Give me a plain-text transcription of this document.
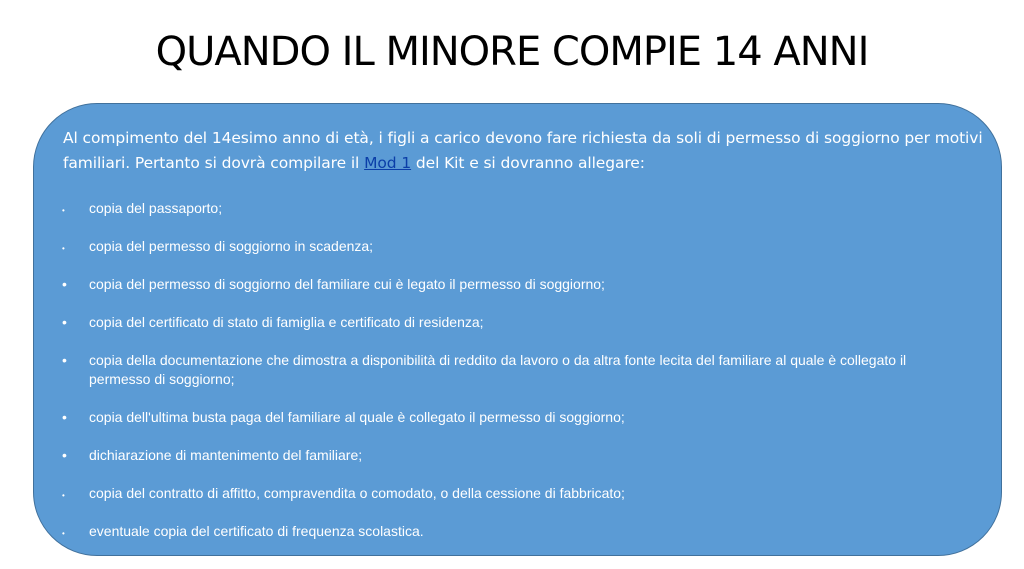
QUANDO IL MINORE COMPIE 14 ANNI

Al compimento del 14esimo anno di età, i figli a carico devono fare richiesta da soli di permesso di soggiorno per motivi familiari. Pertanto si dovrà compilare il Mod 1 del Kit e si dovranno allegare:

• copia del passaporto;
• copia del permesso di soggiorno in scadenza;
• copia del permesso di soggiorno del familiare cui è legato il permesso di soggiorno;
• copia del certificato di stato di famiglia e certificato di residenza;
• copia della documentazione che dimostra a disponibilità di reddito da lavoro o da altra fonte lecita del familiare al quale è collegato il permesso di soggiorno;
• copia dell'ultima busta paga del familiare al quale è collegato il permesso di soggiorno;
• dichiarazione di mantenimento del familiare;
• copia del contratto di affitto, compravendita o comodato, o della cessione di fabbricato;
• eventuale copia del certificato di frequenza scolastica.
